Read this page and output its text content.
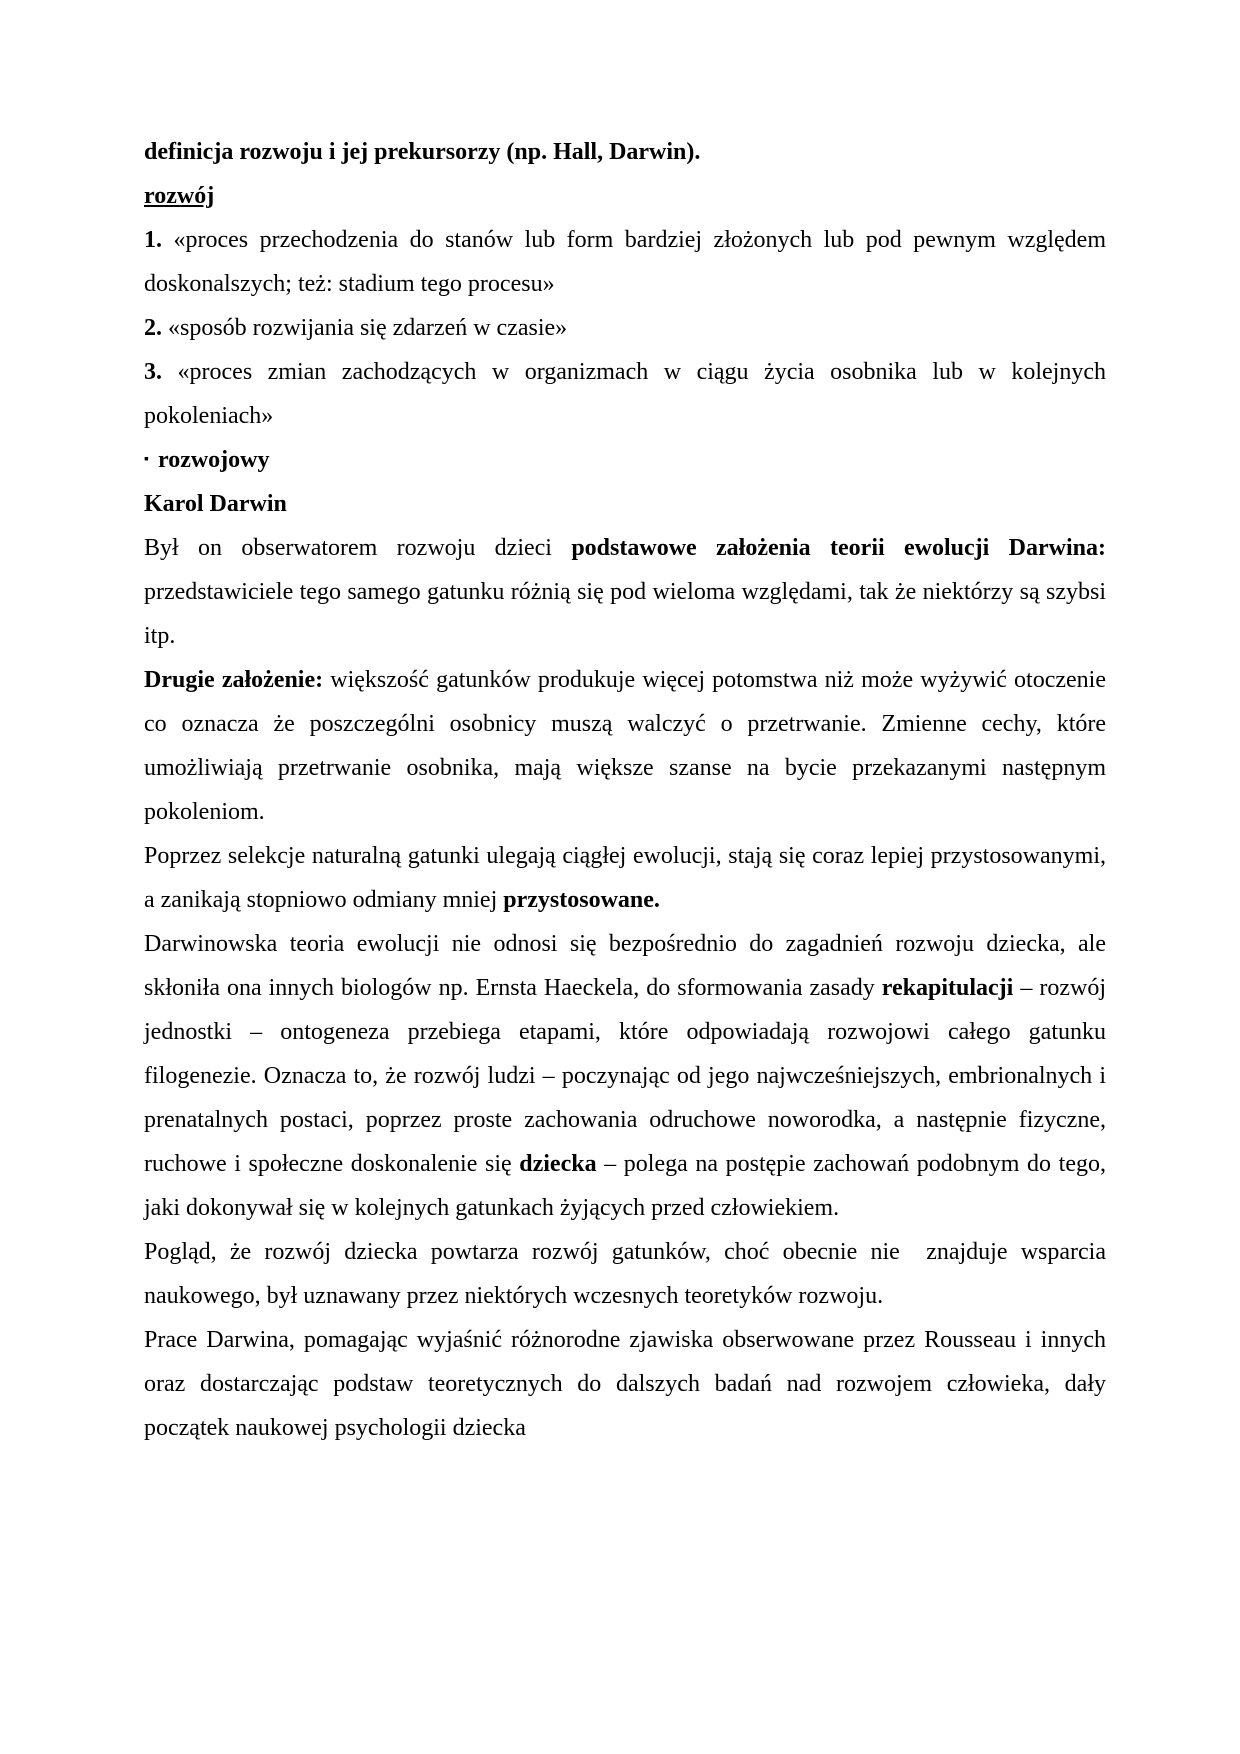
definicja rozwoju i jej prekursorzy (np. Hall, Darwin).

rozwój

1. «proces przechodzenia do stanów lub form bardziej złożonych lub pod pewnym względem doskonalszych; też: stadium tego procesu»

2. «sposób rozwijania się zdarzeń w czasie»

3. «proces zmian zachodzących w organizmach w ciągu życia osobnika lub w kolejnych pokoleniach»

▪ rozwojowy

Karol Darwin

Był on obserwatorem rozwoju dzieci podstawowe założenia teorii ewolucji Darwina: przedstawiciele tego samego gatunku różnią się pod wieloma względami, tak że niektórzy są szybsi itp.

Drugie założenie: większość gatunków produkuje więcej potomstwa niż może wyżywić otoczenie co oznacza że poszczególni osobnicy muszą walczyć o przetrwanie. Zmienne cechy, które umożliwiają przetrwanie osobnika, mają większe szanse na bycie przekazanymi następnym pokoleniom.

Poprzez selekcje naturalną gatunki ulegają ciągłej ewolucji, stają się coraz lepiej przystosowanymi, a zanikają stopniowo odmiany mniej przystosowane.

Darwinowska teoria ewolucji nie odnosi się bezpośrednio do zagadnień rozwoju dziecka, ale skłoniła ona innych biologów np. Ernsta Haeckela, do sformowania zasady rekapitulacji – rozwój jednostki – ontogeneza przebiega etapami, które odpowiadają rozwojowi całego gatunku filogenezie. Oznacza to, że rozwój ludzi – poczynając od jego najwcześniejszych, embrionalnych i prenatalnych postaci, poprzez proste zachowania odruchowe noworodka, a następnie fizyczne, ruchowe i społeczne doskonalenie się dziecka – polega na postępie zachowań podobnym do tego, jaki dokonywał się w kolejnych gatunkach żyjących przed człowiekiem.

Pogląd, że rozwój dziecka powtarza rozwój gatunków, choć obecnie nie  znajduje wsparcia naukowego, był uznawany przez niektórych wczesnych teoretyków rozwoju.

Prace Darwina, pomagając wyjaśnić różnorodne zjawiska obserwowane przez Rousseau i innych oraz dostarczając podstaw teoretycznych do dalszych badań nad rozwojem człowieka, dały początek naukowej psychologii dziecka
